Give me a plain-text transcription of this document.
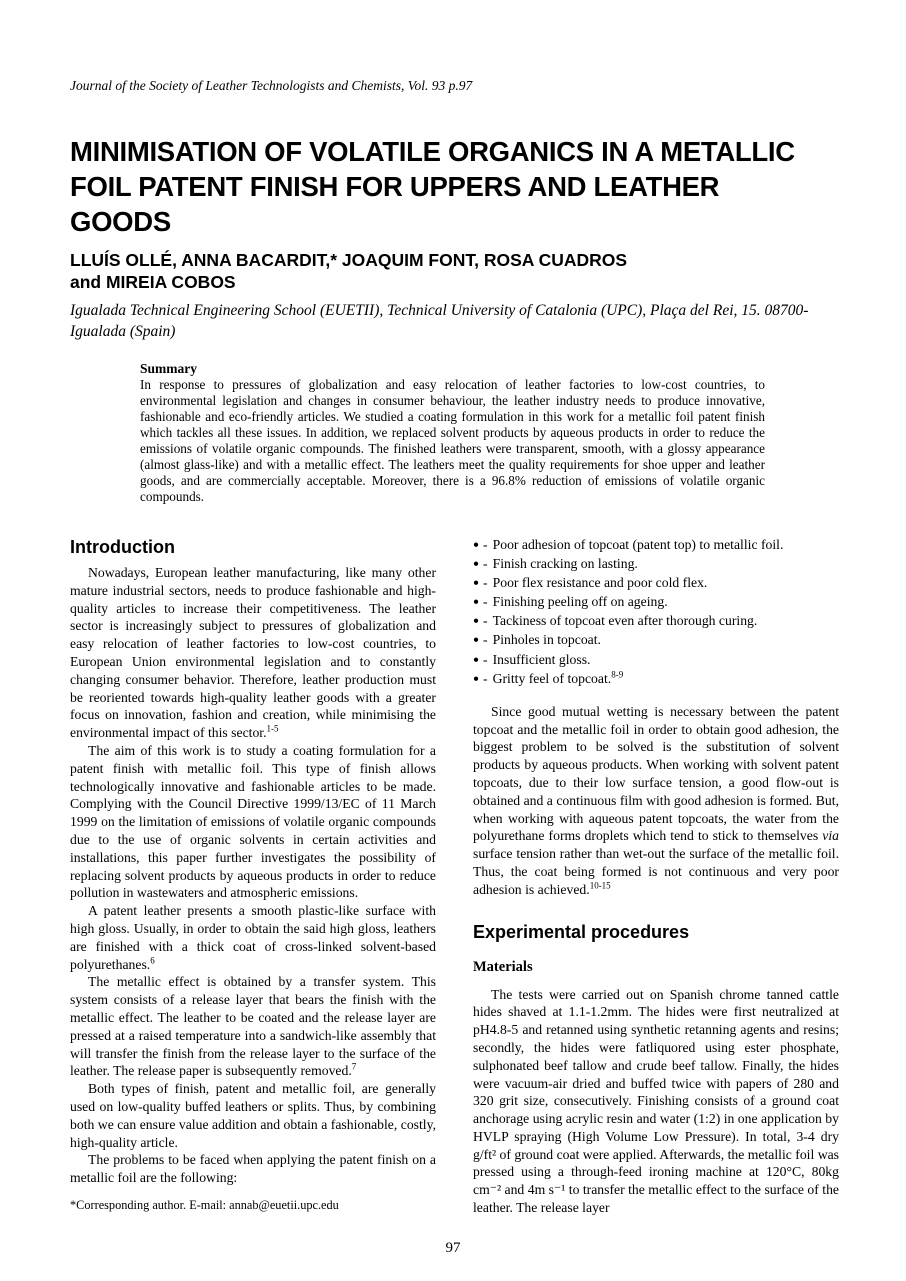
Journal of the Society of Leather Technologists and Chemists, Vol. 93 p.97
MINIMISATION OF VOLATILE ORGANICS IN A METALLIC
FOIL PATENT FINISH FOR UPPERS AND LEATHER
GOODS
LLUÍS OLLÉ, ANNA BACARDIT,* JOAQUIM FONT, ROSA CUADROS
and MIREIA COBOS
Igualada Technical Engineering School (EUETII), Technical University of Catalonia (UPC), Plaça del Rei, 15. 08700-
Igualada (Spain)
Summary
In response to pressures of globalization and easy relocation of leather factories to low-cost countries, to environmental legislation and changes in consumer behaviour, the leather industry needs to produce innovative, fashionable and eco-friendly articles. We studied a coating formulation in this work for a metallic foil patent finish which tackles all these issues. In addition, we replaced solvent products by aqueous products in order to reduce the emissions of volatile organic compounds. The finished leathers were transparent, smooth, with a glossy appearance (almost glass-like) and with a metallic effect. The leathers meet the quality requirements for shoe upper and leather goods, and are commercially acceptable. Moreover, there is a 96.8% reduction of emissions of volatile organic compounds.
Introduction

Nowadays, European leather manufacturing, like many other mature industrial sectors, needs to produce fashionable and high-quality articles to increase their competitiveness. The leather sector is increasingly subject to pressures of globalization and easy relocation of leather factories to low-cost countries, to European Union environmental legislation and to constantly changing consumer behavior. Therefore, leather production must be reoriented towards high-quality leather goods with a greater focus on innovation, fashion and creation, while minimising the environmental impact of this sector.$^{1-5}$

The aim of this work is to study a coating formulation for a patent finish with metallic foil. This type of finish allows technologically innovative and fashionable articles to be made. Complying with the Council Directive 1999/13/EC of 11 March 1999 on the limitation of emissions of volatile organic compounds due to the use of organic solvents in certain activities and installations, this paper further investigates the possibility of replacing solvent products by aqueous products in order to reduce pollution in wastewaters and atmospheric emissions.

A patent leather presents a smooth plastic-like surface with high gloss. Usually, in order to obtain the said high gloss, leathers are finished with a thick coat of cross-linked solvent-based polyurethanes.$^6$

The metallic effect is obtained by a transfer system. This system consists of a release layer that bears the finish with the metallic effect. The leather to be coated and the release layer are pressed at a raised temperature into a sandwich-like assembly that will transfer the finish from the release layer to the surface of the leather. The release paper is subsequently removed.$^7$

Both types of finish, patent and metallic foil, are generally used on low-quality buffed leathers or splits. Thus, by combining both we can ensure value addition and obtain a fashionable, costly, high-quality article.

The problems to be faced when applying the patent finish on a metallic foil are the following:

*Corresponding author. E-mail: annab@euetii.upc.edu
● - Poor adhesion of topcoat (patent top) to metallic foil.
● - Finish cracking on lasting.
● - Poor flex resistance and poor cold flex.
● - Finishing peeling off on ageing.
● - Tackiness of topcoat even after thorough curing.
● - Pinholes in topcoat.
● - Insufficient gloss.
● - Gritty feel of topcoat.$^{8-9}$

Since good mutual wetting is necessary between the patent topcoat and the metallic foil in order to obtain good adhesion, the biggest problem to be solved is the substitution of solvent products by aqueous products. When working with solvent patent topcoats, due to their low surface tension, a good flow-out is obtained and a continuous film with good adhesion is formed. But, when working with aqueous patent topcoats, the water from the polyurethane forms droplets which tend to stick to themselves via surface tension rather than wet-out the surface of the metallic foil. Thus, the coat being formed is not continuous and very poor adhesion is achieved.$^{10-15}$

Experimental procedures
Materials

The tests were carried out on Spanish chrome tanned cattle hides shaved at 1.1-1.2mm. The hides were first neutralized at pH4.8-5 and retanned using synthetic retanning agents and resins; secondly, the hides were fatliquored using ester phosphate, sulphonated beef tallow and crude beef tallow. Finally, the hides were vacuum-air dried and buffed twice with papers of 280 and 320 grit size, consecutively. Finishing consists of a ground coat anchorage using acrylic resin and water (1:2) in one application by HVLP spraying (High Volume Low Pressure). In total, 3-4 dry g/ft² of ground coat were applied. Afterwards, the metallic foil was pressed using a through-feed ironing machine at 120°C, 80kg cm⁻² and 4m s⁻¹ to transfer the metallic effect to the surface of the leather. The release layer

97
